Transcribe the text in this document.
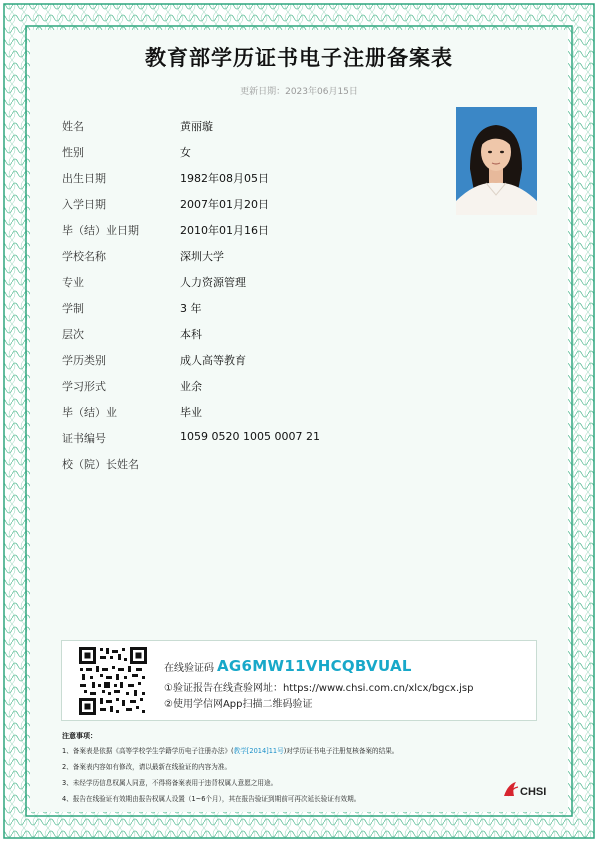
教育部学历证书电子注册备案表
更新日期：2023年06月15日
姓名	黄丽璇
性别	女
出生日期	1982年08月05日
入学日期	2007年01月20日
毕（结）业日期	2010年01月16日
学校名称	深圳大学
专业	人力资源管理
学制	3 年
层次	本科
学历类别	成人高等教育
学习形式	业余
毕（结）业	毕业
证书编号	1059 0520 1005 0007 21
校（院）长姓名
在线验证码 AG6MW11VHCQBVUAL
①验证报告在线查验网址：https://www.chsi.com.cn/xlcx/bgcx.jsp
②使用学信网App扫描二维码验证
注意事项：
1、备案表是依据《高等学校学生学籍学历电子注册办法》(教学[2014]11号)对学历证书电子注册复核备案的结果。
2、备案表内容如有修改，请以最新在线验证的内容为准。
3、未经学历信息权属人同意，不得将备案表用于违背权属人意愿之用途。
4、报告在线验证有效期由报告权属人设置（1~6个月），其在报告验证到期前可再次延长验证有效期。
CHSI
